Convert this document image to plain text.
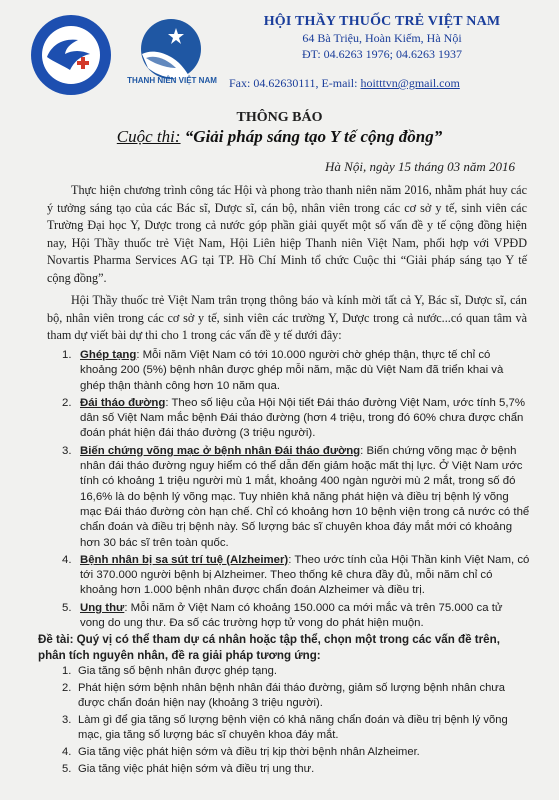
THANH NIÊN VIỆT NAM
HỘI THẦY THUỐC TRẺ VIỆT NAM
64 Bà Triệu, Hoàn Kiếm, Hà Nội
ĐT: 04.6263 1976; 04.6263 1937
Fax: 04.62630111, E-mail: hoitttvn@gmail.com
THÔNG BÁO
Cuộc thi: “Giải pháp sáng tạo Y tế cộng đồng”
Hà Nội, ngày 15 tháng 03 năm 2016
Thực hiện chương trình công tác Hội và phong trào thanh niên năm 2016, nhằm phát huy các ý tưởng sáng tạo của các Bác sĩ, Dược sĩ, cán bộ, nhân viên trong các cơ sở y tế, sinh viên các Trường Đại học Y, Dược trong cả nước góp phần giải quyết một số vấn đề y tế cộng đồng hiện nay, Hội Thầy thuốc trẻ Việt Nam, Hội Liên hiệp Thanh niên Việt Nam, phối hợp với VPĐD Novartis Pharma Services AG tại TP. Hồ Chí Minh tổ chức Cuộc thi “Giải pháp sáng tạo Y tế cộng đồng”.
Hội Thầy thuốc trẻ Việt Nam trân trọng thông báo và kính mời tất cả Y, Bác sĩ, Dược sĩ, cán bộ, nhân viên trong các cơ sở y tế, sinh viên các trường Y, Dược trong cả nước...có quan tâm và tham dự viết bài dự thi cho 1 trong các vấn đề y tế dưới đây:
1. Ghép tạng: Mỗi năm Việt Nam có tới 10.000 người chờ ghép thận, thực tế chỉ có khoảng 200 (5%) bệnh nhân được ghép mỗi năm, mặc dù Việt Nam đã triển khai và ghép thận thành công hơn 10 năm qua.
2. Đái tháo đường: Theo số liệu của Hội Nội tiết Đái tháo đường Việt Nam, ước tính 5,7% dân số Việt Nam mắc bệnh Đái tháo đường (hơn 4 triệu, trong đó 60% chưa được chẩn đoán phát hiện đái tháo đường (3 triệu người).
3. Biến chứng võng mạc ở bệnh nhân Đái tháo đường: Biến chứng võng mạc ở bệnh nhân đái tháo đường nguy hiểm có thể dẫn đến giảm hoặc mất thị lực. Ở Việt Nam ước tính có khoảng 1 triệu người mù 1 mắt, khoảng 400 ngàn người mù 2 mắt, trong số đó 16,6% là do bệnh lý võng mạc. Tuy nhiên khả năng phát hiện và điều trị bệnh lý võng mạc Đái tháo đường còn hạn chế. Chỉ có khoảng hơn 10 bệnh viện trong cả nước có thể chẩn đoán và điều trị bệnh này. Số lượng bác sĩ chuyên khoa đáy mắt mới có khoảng hơn 30 bác sĩ trên toàn quốc.
4. Bệnh nhân bị sa sút trí tuệ (Alzheimer): Theo ước tính của Hội Thần kinh Việt Nam, có tới 370.000 người bệnh bị Alzheimer. Theo thống kê chưa đầy đủ, mỗi năm chỉ có khoảng hơn 1.000 bệnh nhân được chẩn đoán Alzheimer và điều trị.
5. Ung thư: Mỗi năm ở Việt Nam có khoảng 150.000 ca mới mắc và trên 75.000 ca tử vong do ung thư. Đa số các trường hợp tử vong do phát hiện muộn.
Đề tài: Quý vị có thể tham dự cá nhân hoặc tập thể, chọn một trong các vấn đề trên, phân tích nguyên nhân, đề ra giải pháp tương ứng:
1. Gia tăng số bệnh nhân được ghép tạng.
2. Phát hiện sớm bệnh nhân bệnh nhân đái tháo đường, giảm số lượng bệnh nhân chưa được chẩn đoán hiện nay (khoảng 3 triệu người).
3. Làm gì để gia tăng số lượng bệnh viện có khả năng chẩn đoán và điều trị bệnh lý võng mạc, gia tăng số lượng bác sĩ chuyên khoa đáy mắt.
4. Gia tăng việc phát hiện sớm và điều trị kịp thời bệnh nhân Alzheimer.
5. Gia tăng việc phát hiện sớm và điều trị ung thư.
